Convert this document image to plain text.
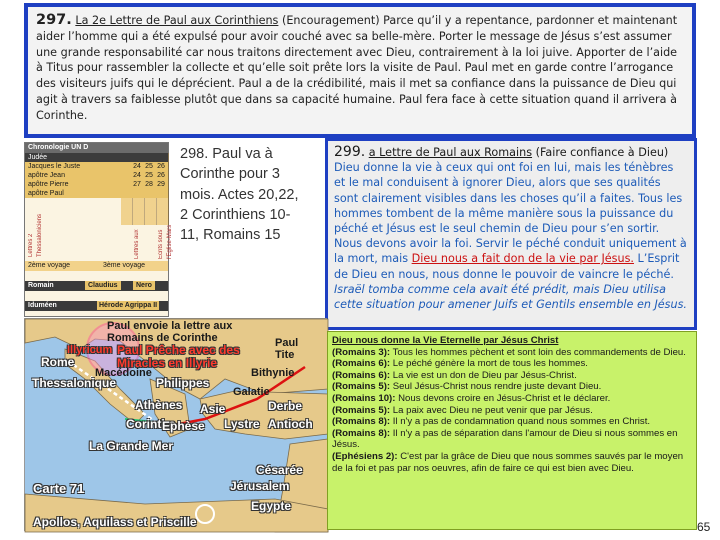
297. La 2e Lettre de Paul aux Corinthiens (Encouragement) Parce qu’il y a repentance, pardonner et maintenant aider l’homme qui a été expulsé pour avoir couché avec sa belle-mère. Porter le message de Jésus s’est assumer une grande responsabilité car nous traitons directement avec Dieu, contrairement à la loi juive. Apporter de l’aide à Titus pour rassembler la collecte et qu’elle soit prête lors la visite de Paul. Paul met en garde contre l’arrogance des visiteurs juifs qui le déprécient. Paul a de la crédibilité, mais il met sa confiance dans la puissance de Dieu qui agit à travers sa faiblesse plutôt que dans sa capacité humaine. Paul fera face à cette situation quand il arrivera à Corinthe.
Chronologie UN D
Judée
Jacques le Juste	24 25 26
apôtre Jean	24 25 26
apôtre Pierre	27 28 29
apôtre Paul
Lettres 2 Thessaloniciens	Lettres aux	Ecrits sous l'Eglise-Mars
2ème voyage	3ème voyage
Romain	Claudius	Nero
Iduméen	Hérode Agrippa II
298. Paul va à Corinthe pour 3 mois. Actes 20,22, 2 Corinthiens 10-11, Romains 15
299. a Lettre de Paul aux Romains (Faire confiance à Dieu)
Dieu donne la vie à ceux qui ont foi en lui, mais les ténèbres et le mal conduisent à ignorer Dieu, alors que ses qualités sont clairement visibles dans les choses qu’il a faites. Tous les hommes tombent de la même manière sous la puissance du péché et Jésus est le seul chemin de Dieu pour s’en sortir. Nous devons avoir la foi. Servir le péché conduit uniquement à la mort, mais Dieu nous a fait don de la vie par Jésus. L’Esprit de Dieu en nous, nous donne le pouvoir de vaincre le péché. Israël tomba comme cela avait été prédit, mais Dieu utilisa cette situation pour amener Juifs et Gentils ensemble en Jésus.
Paul envoie la lettre aux
Romains de Corinthe
Illyricum Paul Prêche avec des
Miracles en Illyrie
Paul
Tite
Rome
Macédoine	Bithynie
Thessalonique	Philippes
Galatie
Athènes Asie	Derbe
Corinthe
Ephèse Lystre Antioch
La Grande Mer
Césarée
Jérusalem
Carte 71
Egypte
Apollos, Aquilass et Priscille
Dieu nous donne la Vie Eternelle par Jésus Christ
(Romains 3): Tous les hommes pèchent et sont loin des commandements de Dieu.
(Romains 6): Le péché génère la mort de tous les hommes.
(Romains 6): La vie est un don de Dieu par Jésus-Christ.
(Romains 5): Seul Jésus-Christ nous rendre juste devant Dieu.
(Romains 10): Nous devons croire en Jésus-Christ et le déclarer.
(Romains 5): La paix avec Dieu ne peut venir que par Jésus.
(Romains 8): Il n'y a pas de condamnation quand nous sommes en Christ.
(Romains 8): Il n'y a pas de séparation dans l'amour de Dieu si nous sommes en Jésus.
(Ephésiens 2): C'est par la grâce de Dieu que nous sommes sauvés par le moyen de la foi et pas par nos oeuvres, afin de faire ce qui est bien avec Dieu.
65
